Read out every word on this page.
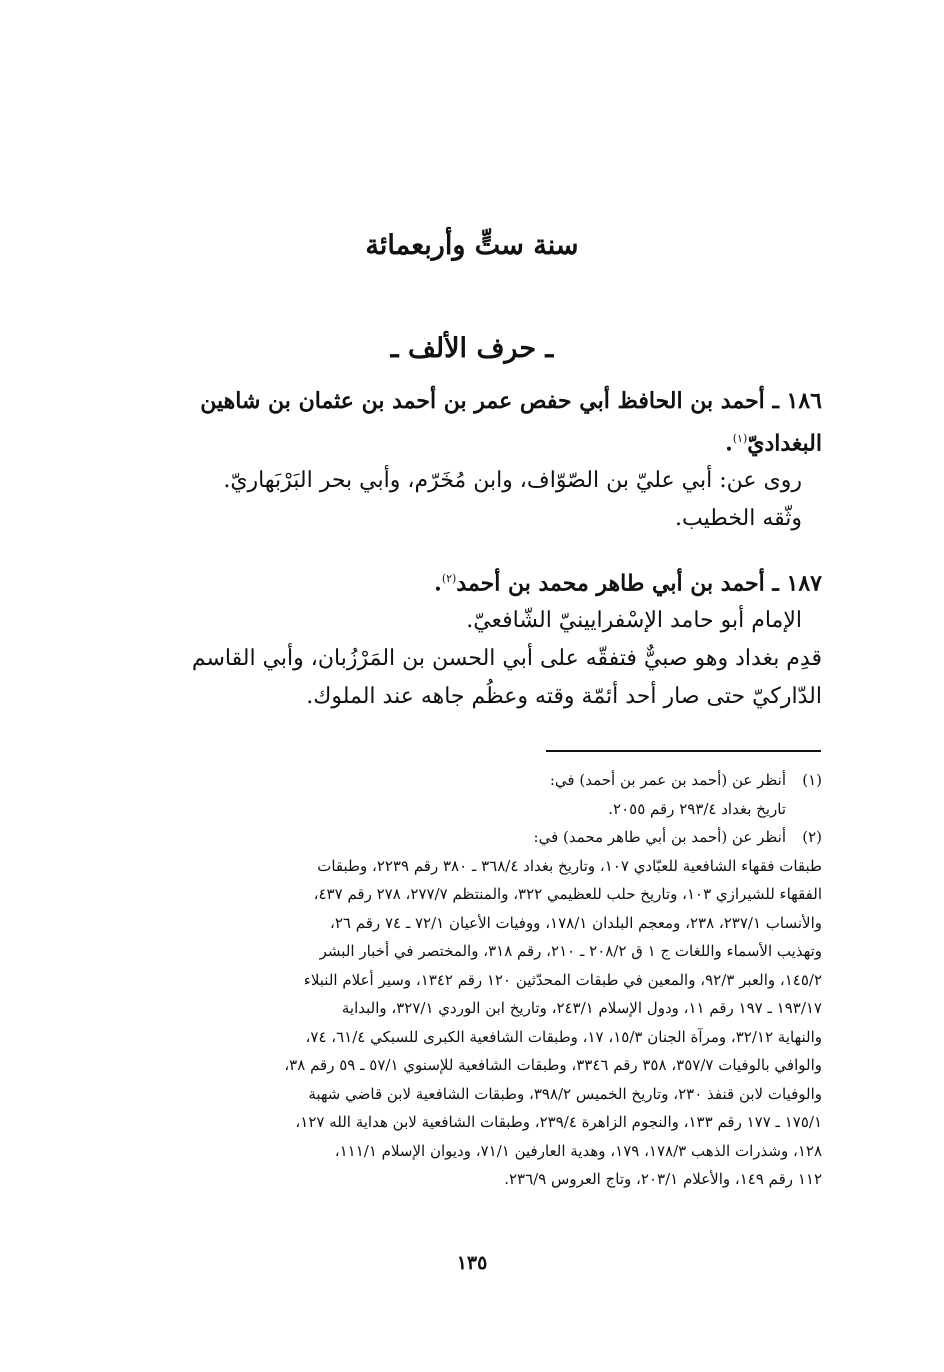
سنة ستٍّ وأربعمائة
ـ حرف الألف ـ
١٨٦ ـ أحمد بن الحافظ أبي حفص عمر بن أحمد بن عثمان بن شاهين
البغداديّ$^{(١)}$.
روى عن: أبي عليّ بن الصّوّاف، وابن مُخَرّم، وأبي بحر البَرْبَهاريّ.
وثّقه الخطيب.
١٨٧ ـ أحمد بن أبي طاهر محمد بن أحمد$^{(٢)}$.
الإمام أبو حامد الإسْفرايينيّ الشّافعيّ.
قدِم بغداد وهو صبيٌّ فتفقّه على أبي الحسن بن المَرْزُبان، وأبي القاسم
الدّاركيّ حتى صار أحد أئمّة وقته وعظُم جاهه عند الملوك.
(١)
أنظر عن (أحمد بن عمر بن أحمد) في:
تاريخ بغداد ٢٩٣/٤ رقم ٢٠٥٥.
(٢)
أنظر عن (أحمد بن أبي طاهر محمد) في:
طبقات فقهاء الشافعية للعبّادي ١٠٧، وتاريخ بغداد ٣٦٨/٤ ـ ٣٨٠ رقم ٢٢٣٩، وطبقات
الفقهاء للشيرازي ١٠٣، وتاريخ حلب للعظيمي ٣٢٢، والمنتظم ٢٧٧/٧، ٢٧٨ رقم ٤٣٧،
والأنساب ٢٣٧/١، ٢٣٨، ومعجم البلدان ١٧٨/١، ووفيات الأعيان ٧٢/١ ـ ٧٤ رقم ٢٦،
وتهذيب الأسماء واللغات ج ١ ق ٢٠٨/٢ ـ ٢١٠، رقم ٣١٨، والمختصر في أخبار البشر
١٤٥/٢، والعبر ٩٢/٣، والمعين في طبقات المحدّثين ١٢٠ رقم ١٣٤٢، وسير أعلام النبلاء
١٩٣/١٧ ـ ١٩٧ رقم ١١، ودول الإسلام ٢٤٣/١، وتاريخ ابن الوردي ٣٢٧/١، والبداية
والنهاية ٣٢/١٢، ومرآة الجنان ١٥/٣، ١٧، وطبقات الشافعية الكبرى للسبكي ٦١/٤، ٧٤،
والوافي بالوفيات ٣٥٧/٧، ٣٥٨ رقم ٣٣٤٦، وطبقات الشافعية للإسنوي ٥٧/١ ـ ٥٩ رقم ٣٨،
والوفيات لابن قنفذ ٢٣٠، وتاريخ الخميس ٣٩٨/٢، وطبقات الشافعية لابن قاضي شهبة
١٧٥/١ ـ ١٧٧ رقم ١٣٣، والنجوم الزاهرة ٢٣٩/٤، وطبقات الشافعية لابن هداية الله ١٢٧،
١٢٨، وشذرات الذهب ١٧٨/٣، ١٧٩، وهدية العارفين ٧١/١، وديوان الإسلام ١١١/١،
١١٢ رقم ١٤٩، والأعلام ٢٠٣/١، وتاج العروس ٢٣٦/٩.
١٣٥
